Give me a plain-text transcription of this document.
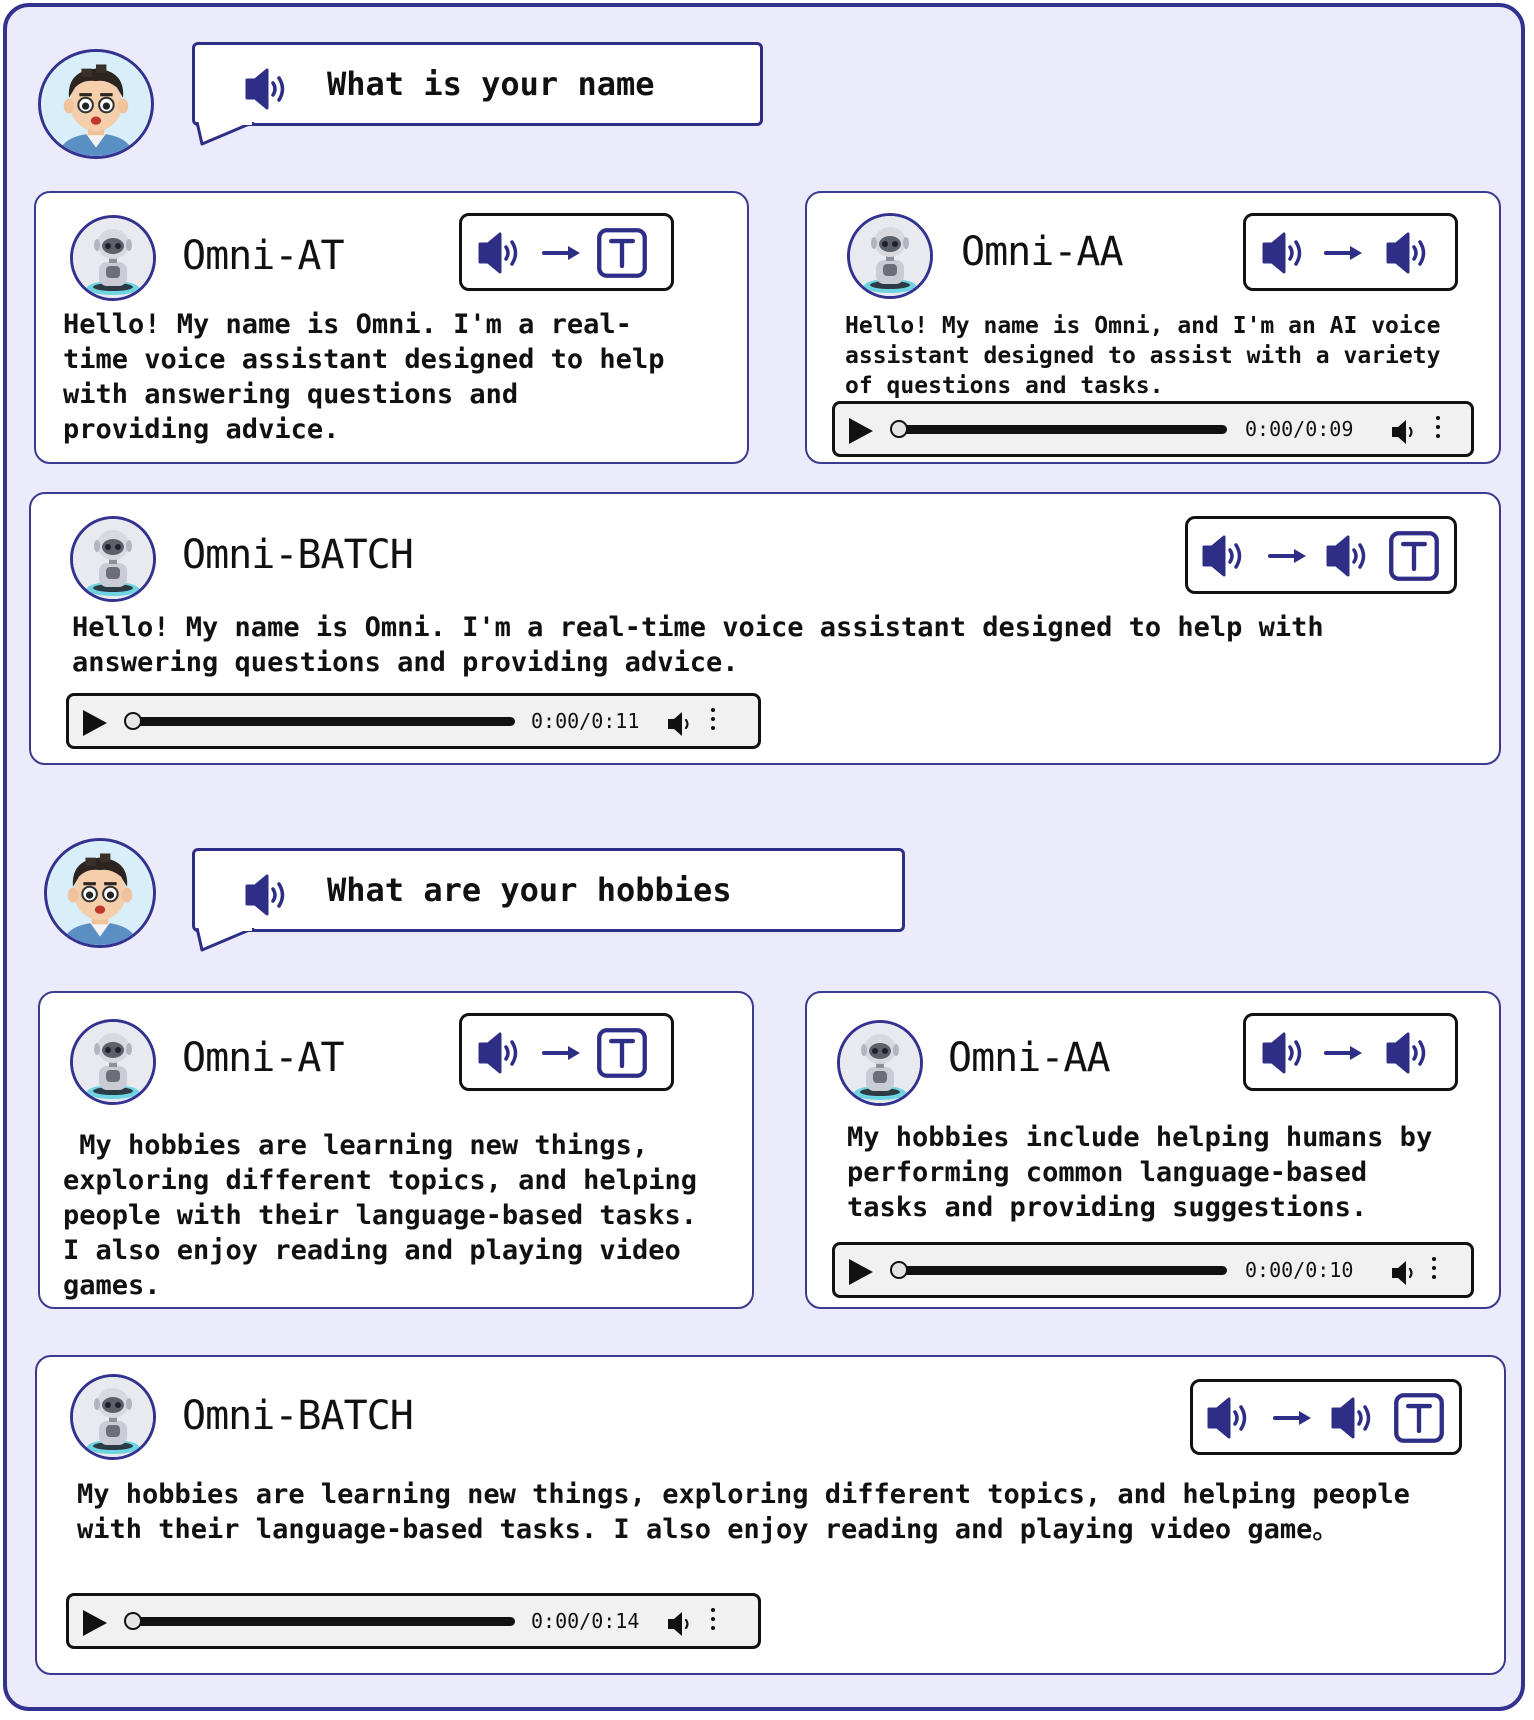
What is your name
Omni-AT
Hello! My name is Omni. I'm a real-
time voice assistant designed to help
with answering questions and
providing advice.
Omni-AA
Hello! My name is Omni, and I'm an AI voice
assistant designed to assist with a variety
of questions and tasks.
0:00/0:09
Omni-BATCH
Hello! My name is Omni. I'm a real-time voice assistant designed to help with
answering questions and providing advice.
0:00/0:11
What are your hobbies
Omni-AT
My hobbies are learning new things,
exploring different topics, and helping
people with their language-based tasks.
I also enjoy reading and playing video
games.
Omni-AA
My hobbies include helping humans by
performing common language-based
tasks and providing suggestions.
0:00/0:10
Omni-BATCH
My hobbies are learning new things, exploring different topics, and helping people
with their language-based tasks. I also enjoy reading and playing video game。
0:00/0:14
